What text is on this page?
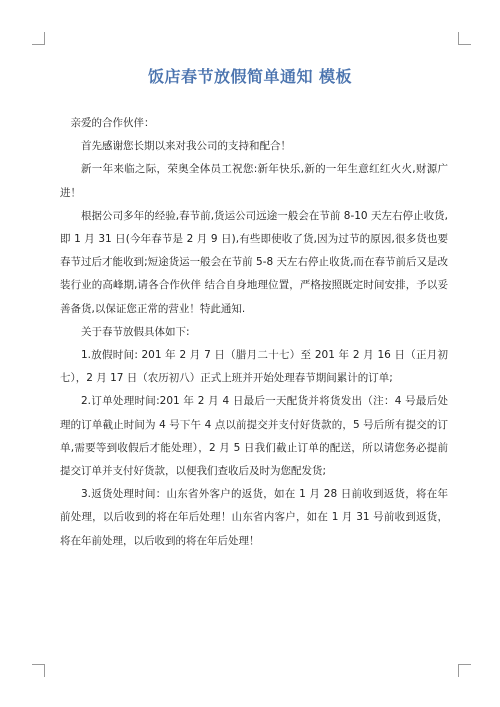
饭店春节放假简单通知 模板

亲爱的合作伙伴：

首先感谢您长期以来对我公司的支持和配合！

新一年来临之际，荣奥全体员工祝您:新年快乐,新的一年生意红红火火,财源广进！

根据公司多年的经验,春节前,货运公司远途一般会在节前 8-10 天左右停止收货,即 1 月 31 日(今年春节是 2 月 9 日),有些即使收了货,因为过节的原因,很多货也要春节过后才能收到;短途货运一般会在节前 5-8 天左右停止收货,而在春节前后又是改装行业的高峰期,请各合作伙伴 结合自身地理位置，严格按照既定时间安排，予以妥善备货,以保证您正常的营业！特此通知.

关于春节放假具体如下:

1.放假时间: 201 年 2 月 7 日（腊月二十七）至 201 年 2 月 16 日（正月初七），2 月 17 日（农历初八）正式上班并开始处理春节期间累计的订单;

2.订单处理时间:201 年 2 月 4 日最后一天配货并将货发出（注：4 号最后处理的订单截止时间为 4 号下午 4 点以前提交并支付好货款的，5 号后所有提交的订单,需要等到收假后才能处理），2 月 5 日我们截止订单的配送，所以请您务必提前提交订单并支付好货款，以便我们查收后及时为您配发货;

3.返货处理时间：山东省外客户的返货，如在 1 月 28 日前收到返货，将在年前处理，以后收到的将在年后处理！山东省内客户，如在 1 月 31 号前收到返货，将在年前处理，以后收到的将在年后处理！
